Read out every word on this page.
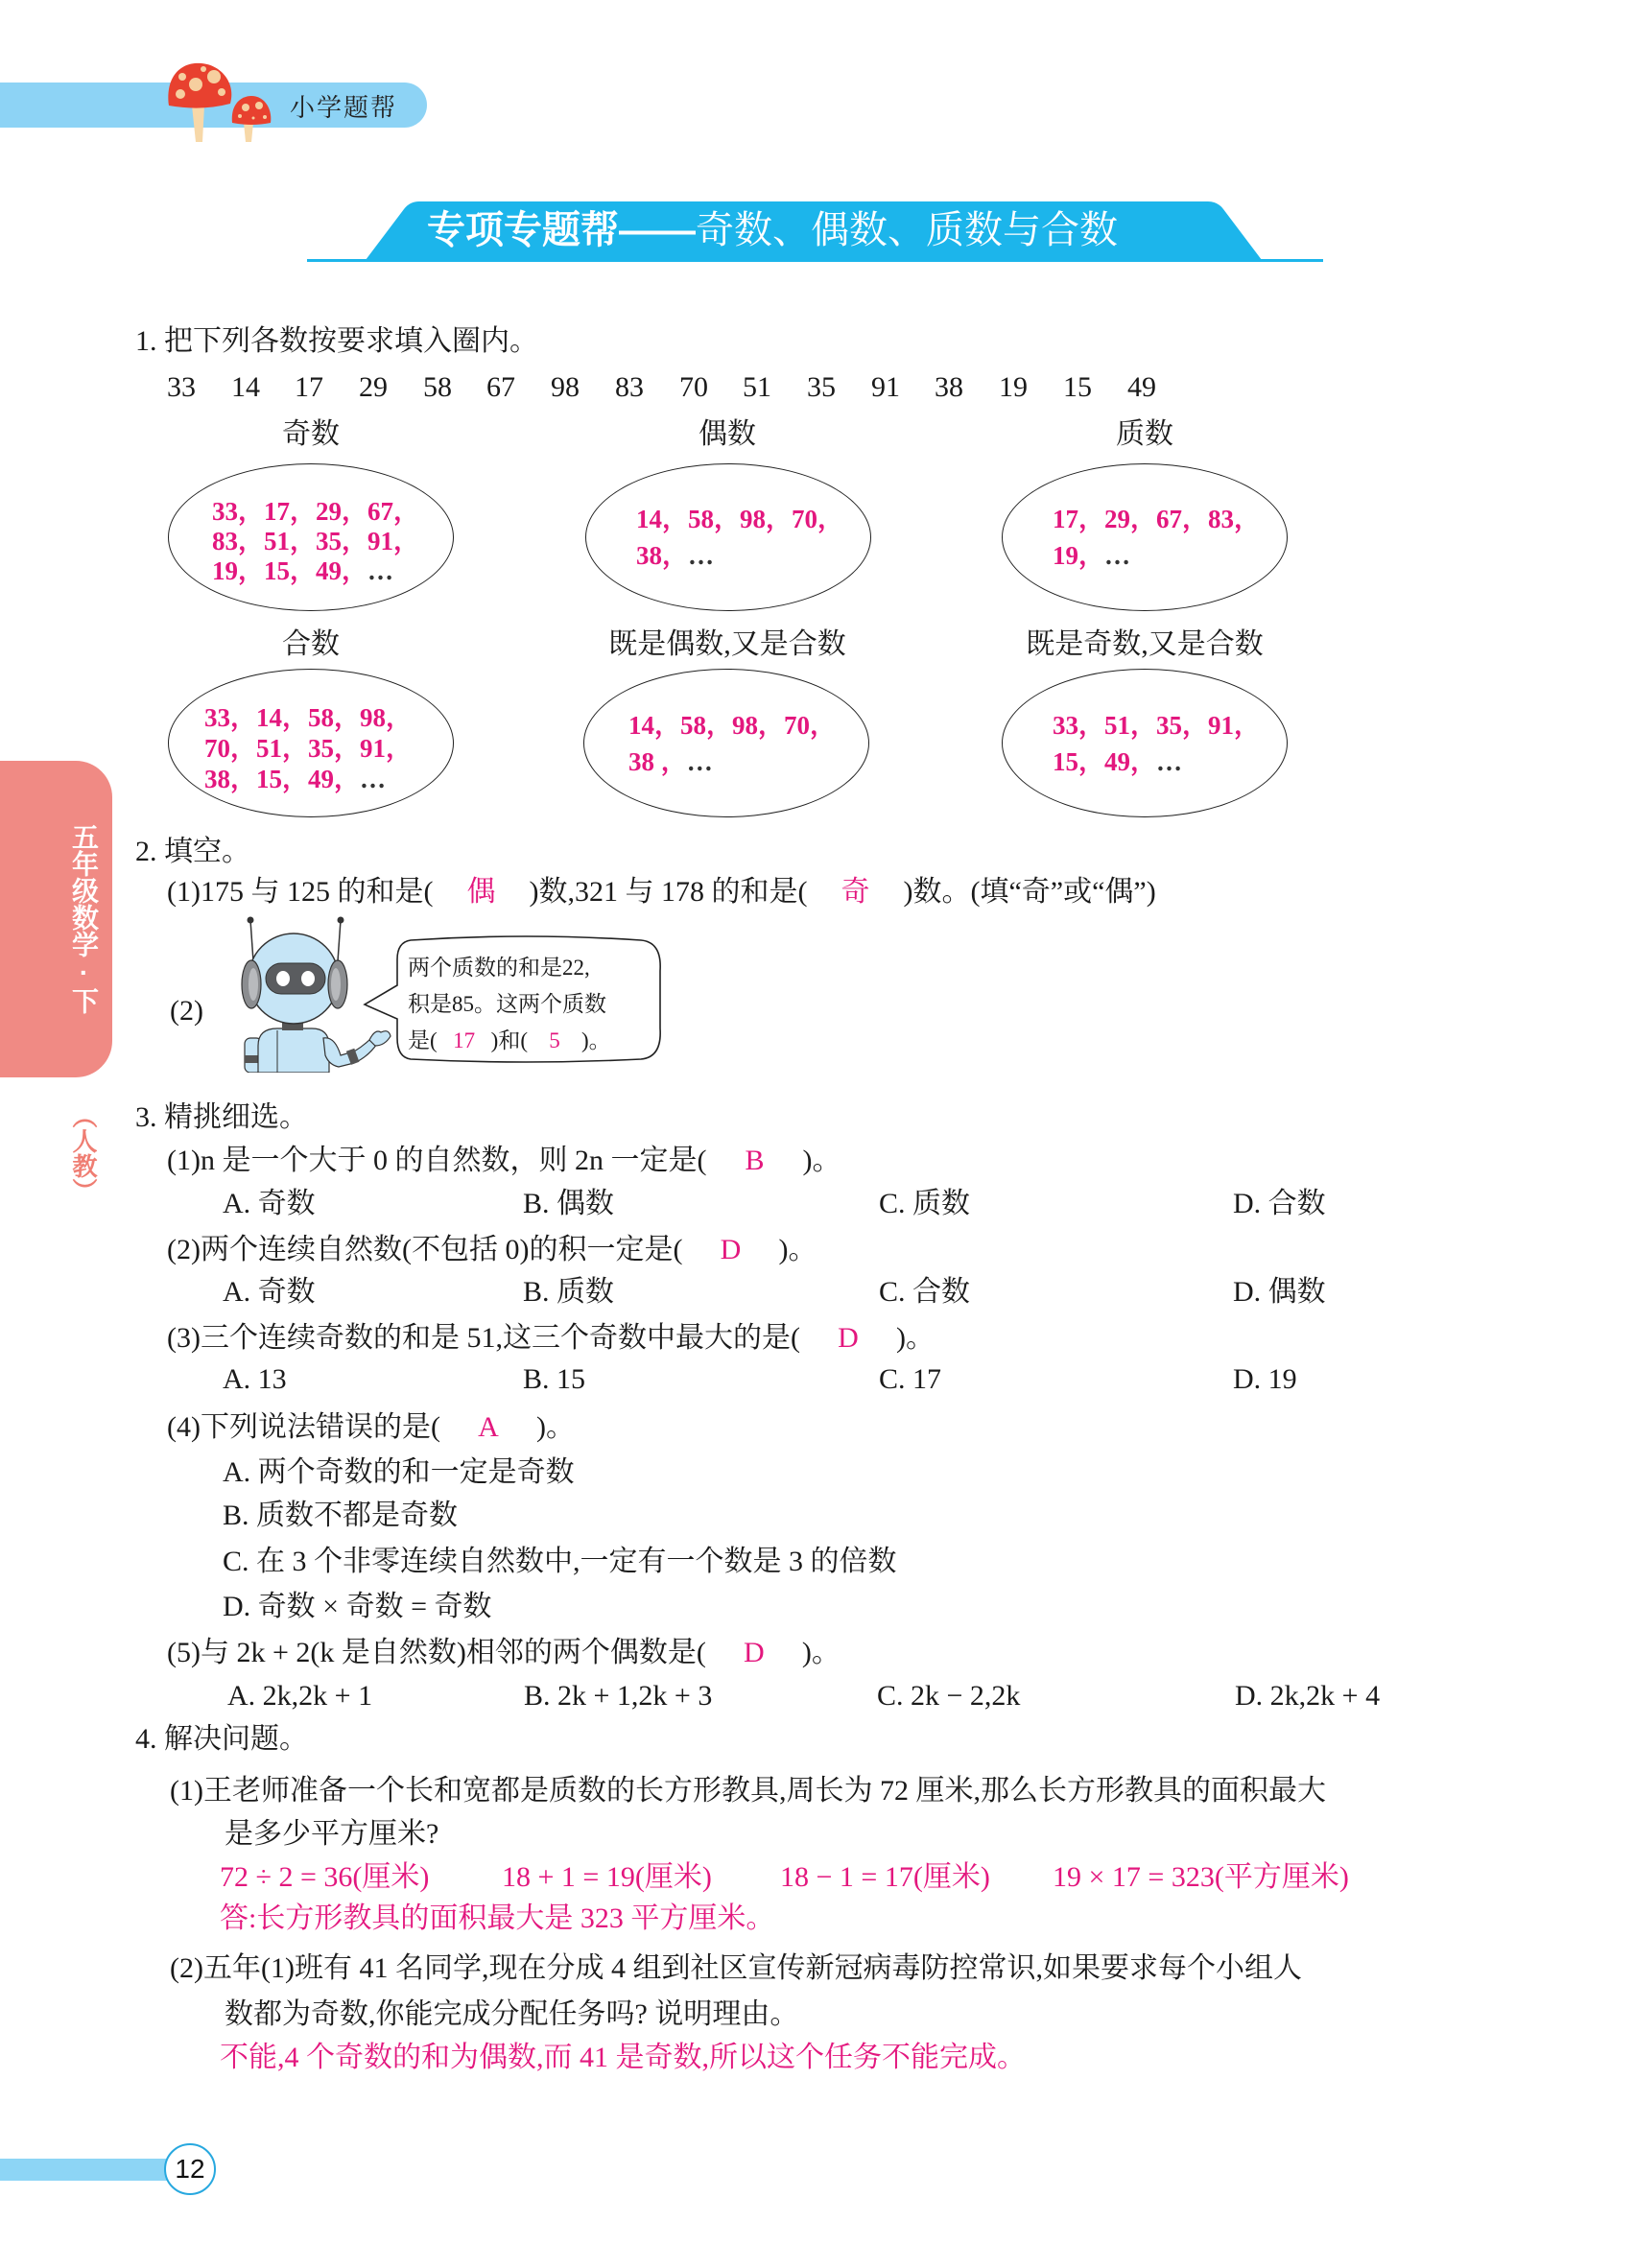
小学题帮
专项专题帮——奇数、偶数、质数与合数
五年级数学·下
（人教）
1. 把下列各数按要求填入圈内。
33 14 17 29 58 67 98 83 70 51 35 91 38 19 15 49
奇数	偶数	质数
33，17，29，67，
83，51，35，91，
19，15，49，…
14，58，98，70，
38，…
17，29，67，83，
19，…
合数	既是偶数,又是合数	既是奇数,又是合数
33，14，58，98，
70，51，35，91，
38，15，49，…
14，58，98，70，
38 ，…
33，51，35，91，
15，49，…
2. 填空。
(1)175 与 125 的和是( 偶 )数,321 与 178 的和是( 奇 )数。(填“奇”或“偶”)
(2)
两个质数的和是22,
积是85。这两个质数
是( 17 )和( 5 )。
3. 精挑细选。
(1)n 是一个大于 0 的自然数，则 2n 一定是( B )。
A. 奇数	B. 偶数	C. 质数	D. 合数
(2)两个连续自然数(不包括 0)的积一定是( D )。
A. 奇数	B. 质数	C. 合数	D. 偶数
(3)三个连续奇数的和是 51,这三个奇数中最大的是( D )。
A. 13	B. 15	C. 17	D. 19
(4)下列说法错误的是( A )。
A. 两个奇数的和一定是奇数
B. 质数不都是奇数
C. 在 3 个非零连续自然数中,一定有一个数是 3 的倍数
D. 奇数 × 奇数 = 奇数
(5)与 2k + 2(k 是自然数)相邻的两个偶数是( D )。
A. 2k,2k + 1	B. 2k + 1,2k + 3	C. 2k − 2,2k	D. 2k,2k + 4
4. 解决问题。
(1)王老师准备一个长和宽都是质数的长方形教具,周长为 72 厘米,那么长方形教具的面积最大
是多少平方厘米?
72 ÷ 2 = 36(厘米)	18 + 1 = 19(厘米) 18 − 1 = 17(厘米) 19 × 17 = 323(平方厘米)
答:长方形教具的面积最大是 323 平方厘米。
(2)五年(1)班有 41 名同学,现在分成 4 组到社区宣传新冠病毒防控常识,如果要求每个小组人
数都为奇数,你能完成分配任务吗? 说明理由。
不能,4 个奇数的和为偶数,而 41 是奇数,所以这个任务不能完成。
12
